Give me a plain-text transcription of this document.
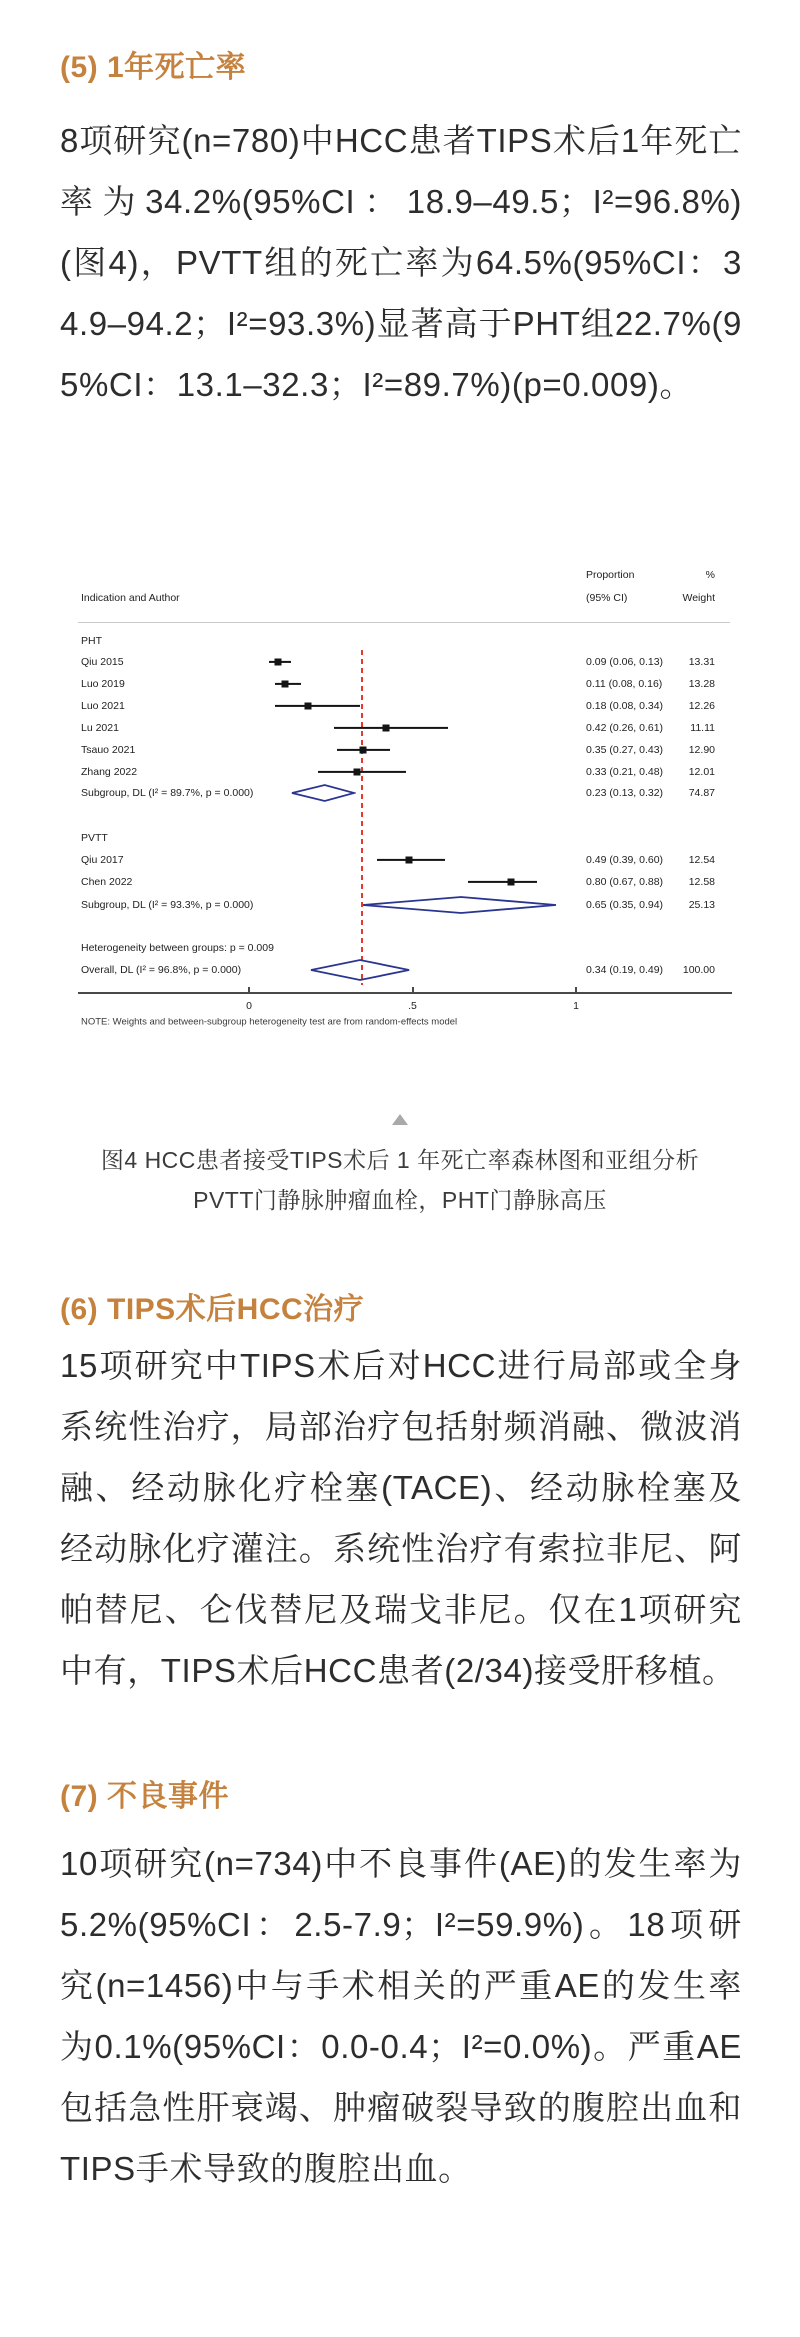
(5) 1年死亡率
8项研究(n=780)中HCC患者TIPS术后1年死亡率为34.2%(95%CI：18.9–49.5；I²=96.8%)(图4)，PVTT组的死亡率为64.5%(95%CI：34.9–94.2；I²=93.3%)显著高于PHT组22.7%(95%CI：13.1–32.3；I²=89.7%)(p=0.009)。
Indication and Author
Proportion
(95% CI)
%
Weight
PHT
Qiu 2015	0.09 (0.06, 0.13)	13.31
Luo 2019	0.11 (0.08, 0.16)	13.28
Luo 2021	0.18 (0.08, 0.34)	12.26
Lu 2021	0.42 (0.26, 0.61)	11.11
Tsauo 2021	0.35 (0.27, 0.43)	12.90
Zhang 2022	0.33 (0.21, 0.48)	12.01
Subgroup, DL (I² = 89.7%, p = 0.000)	0.23 (0.13, 0.32)	74.87
PVTT
Qiu 2017	0.49 (0.39, 0.60)	12.54
Chen 2022	0.80 (0.67, 0.88)	12.58
Subgroup, DL (I² = 93.3%, p = 0.000)	0.65 (0.35, 0.94)	25.13
Heterogeneity between groups: p = 0.009
Overall, DL (I² = 96.8%, p = 0.000)	0.34 (0.19, 0.49)	100.00
0	.5	1
NOTE: Weights and between-subgroup heterogeneity test are from random-effects model
图4 HCC患者接受TIPS术后 1 年死亡率森林图和亚组分析
PVTT门静脉肿瘤血栓，PHT门静脉高压
(6) TIPS术后HCC治疗
15项研究中TIPS术后对HCC进行局部或全身系统性治疗，局部治疗包括射频消融、微波消融、经动脉化疗栓塞(TACE)、经动脉栓塞及经动脉化疗灌注。系统性治疗有索拉非尼、阿帕替尼、仑伐替尼及瑞戈非尼。仅在1项研究中有，TIPS术后HCC患者(2/34)接受肝移植。
(7) 不良事件
10项研究(n=734)中不良事件(AE)的发生率为5.2%(95%CI：2.5-7.9；I²=59.9%)。18项研究(n=1456)中与手术相关的严重AE的发生率为0.1%(95%CI：0.0-0.4；I²=0.0%)。严重AE包括急性肝衰竭、肿瘤破裂导致的腹腔出血和TIPS手术导致的腹腔出血。
